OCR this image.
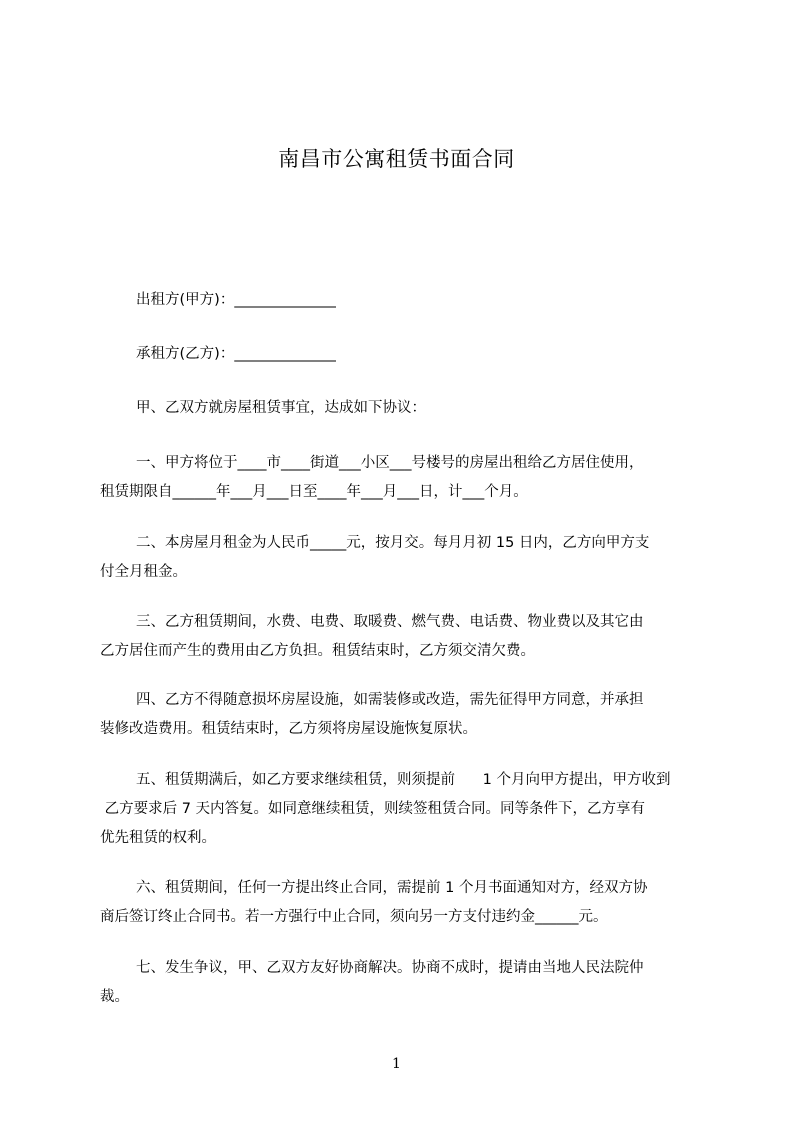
南昌市公寓租赁书面合同
出租方(甲方)：______________
承租方(乙方)：______________
甲、乙双方就房屋租赁事宜，达成如下协议：
一、甲方将位于____市____街道___小区___号楼号的房屋出租给乙方居住使用，
租赁期限自______年___月___日至____年___月___日，计___个月。
二、本房屋月租金为人民币_____元，按月交。每月月初 15 日内，乙方向甲方支
付全月租金。
三、乙方租赁期间，水费、电费、取暖费、燃气费、电话费、物业费以及其它由
乙方居住而产生的费用由乙方负担。租赁结束时，乙方须交清欠费。
四、乙方不得随意损坏房屋设施，如需装修或改造，需先征得甲方同意，并承担
装修改造费用。租赁结束时，乙方须将房屋设施恢复原状。
五、租赁期满后，如乙方要求继续租赁，则须提前      1 个月向甲方提出，甲方收到
乙方要求后 7 天内答复。如同意继续租赁，则续签租赁合同。同等条件下，乙方享有
优先租赁的权利。
六、租赁期间，任何一方提出终止合同，需提前 1 个月书面通知对方，经双方协
商后签订终止合同书。若一方强行中止合同，须向另一方支付违约金______元。
七、发生争议，甲、乙双方友好协商解决。协商不成时，提请由当地人民法院仲
裁。
1
